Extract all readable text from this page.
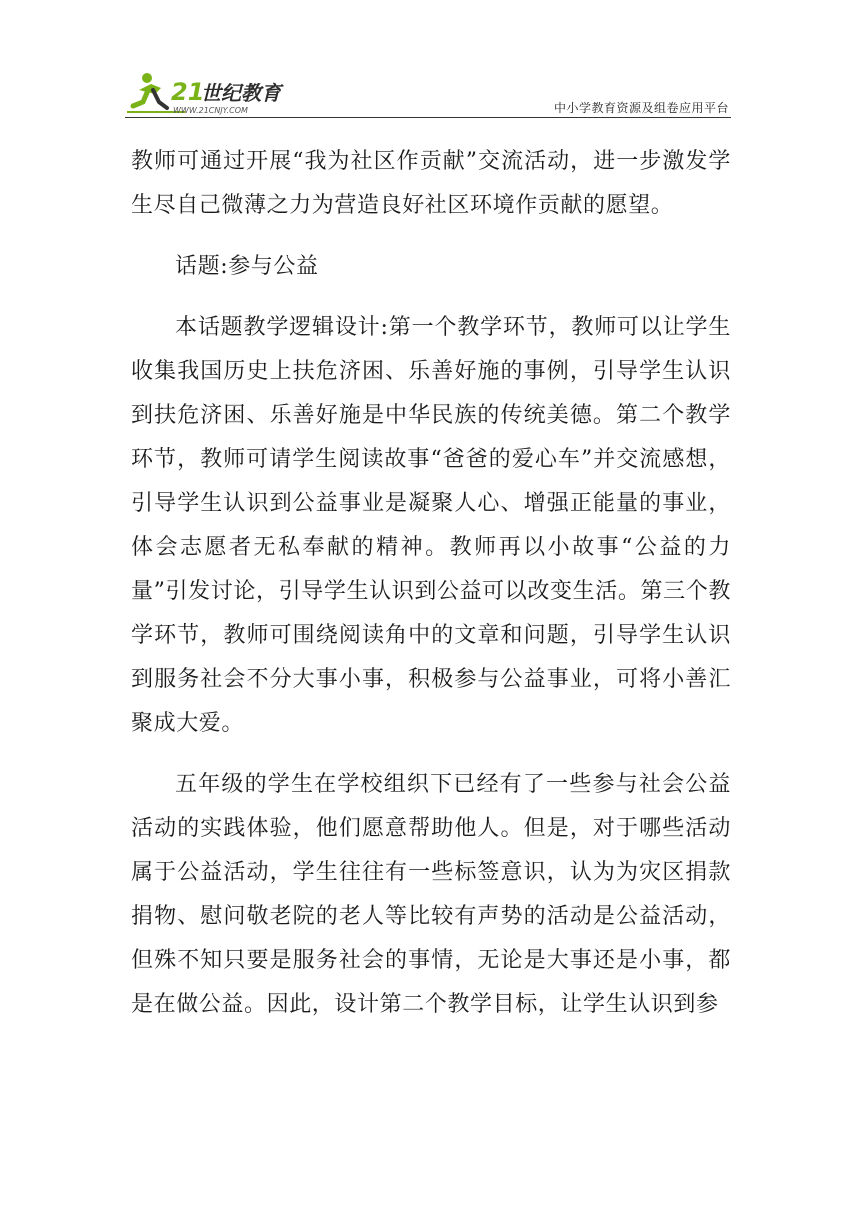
21
世纪教育
WWW.21CNJY.COM	中小学教育资源及组卷应用平台

教师可通过开展“我为社区作贡献”交流活动，进一步激发学生尽自己微薄之力为营造良好社区环境作贡献的愿望。

话题:参与公益

本话题教学逻辑设计:第一个教学环节，教师可以让学生收集我国历史上扶危济困、乐善好施的事例，引导学生认识到扶危济困、乐善好施是中华民族的传统美德。第二个教学环节，教师可请学生阅读故事“爸爸的爱心车”并交流感想，引导学生认识到公益事业是凝聚人心、增强正能量的事业，体会志愿者无私奉献的精神。教师再以小故事“公益的力量”引发讨论，引导学生认识到公益可以改变生活。第三个教学环节，教师可围绕阅读角中的文章和问题，引导学生认识到服务社会不分大事小事，积极参与公益事业，可将小善汇聚成大爱。

五年级的学生在学校组织下已经有了一些参与社会公益活动的实践体验，他们愿意帮助他人。但是，对于哪些活动属于公益活动，学生往往有一些标签意识，认为为灾区捐款捐物、慰问敬老院的老人等比较有声势的活动是公益活动，但殊不知只要是服务社会的事情，无论是大事还是小事，都是在做公益。因此，设计第二个教学目标，让学生认识到参
